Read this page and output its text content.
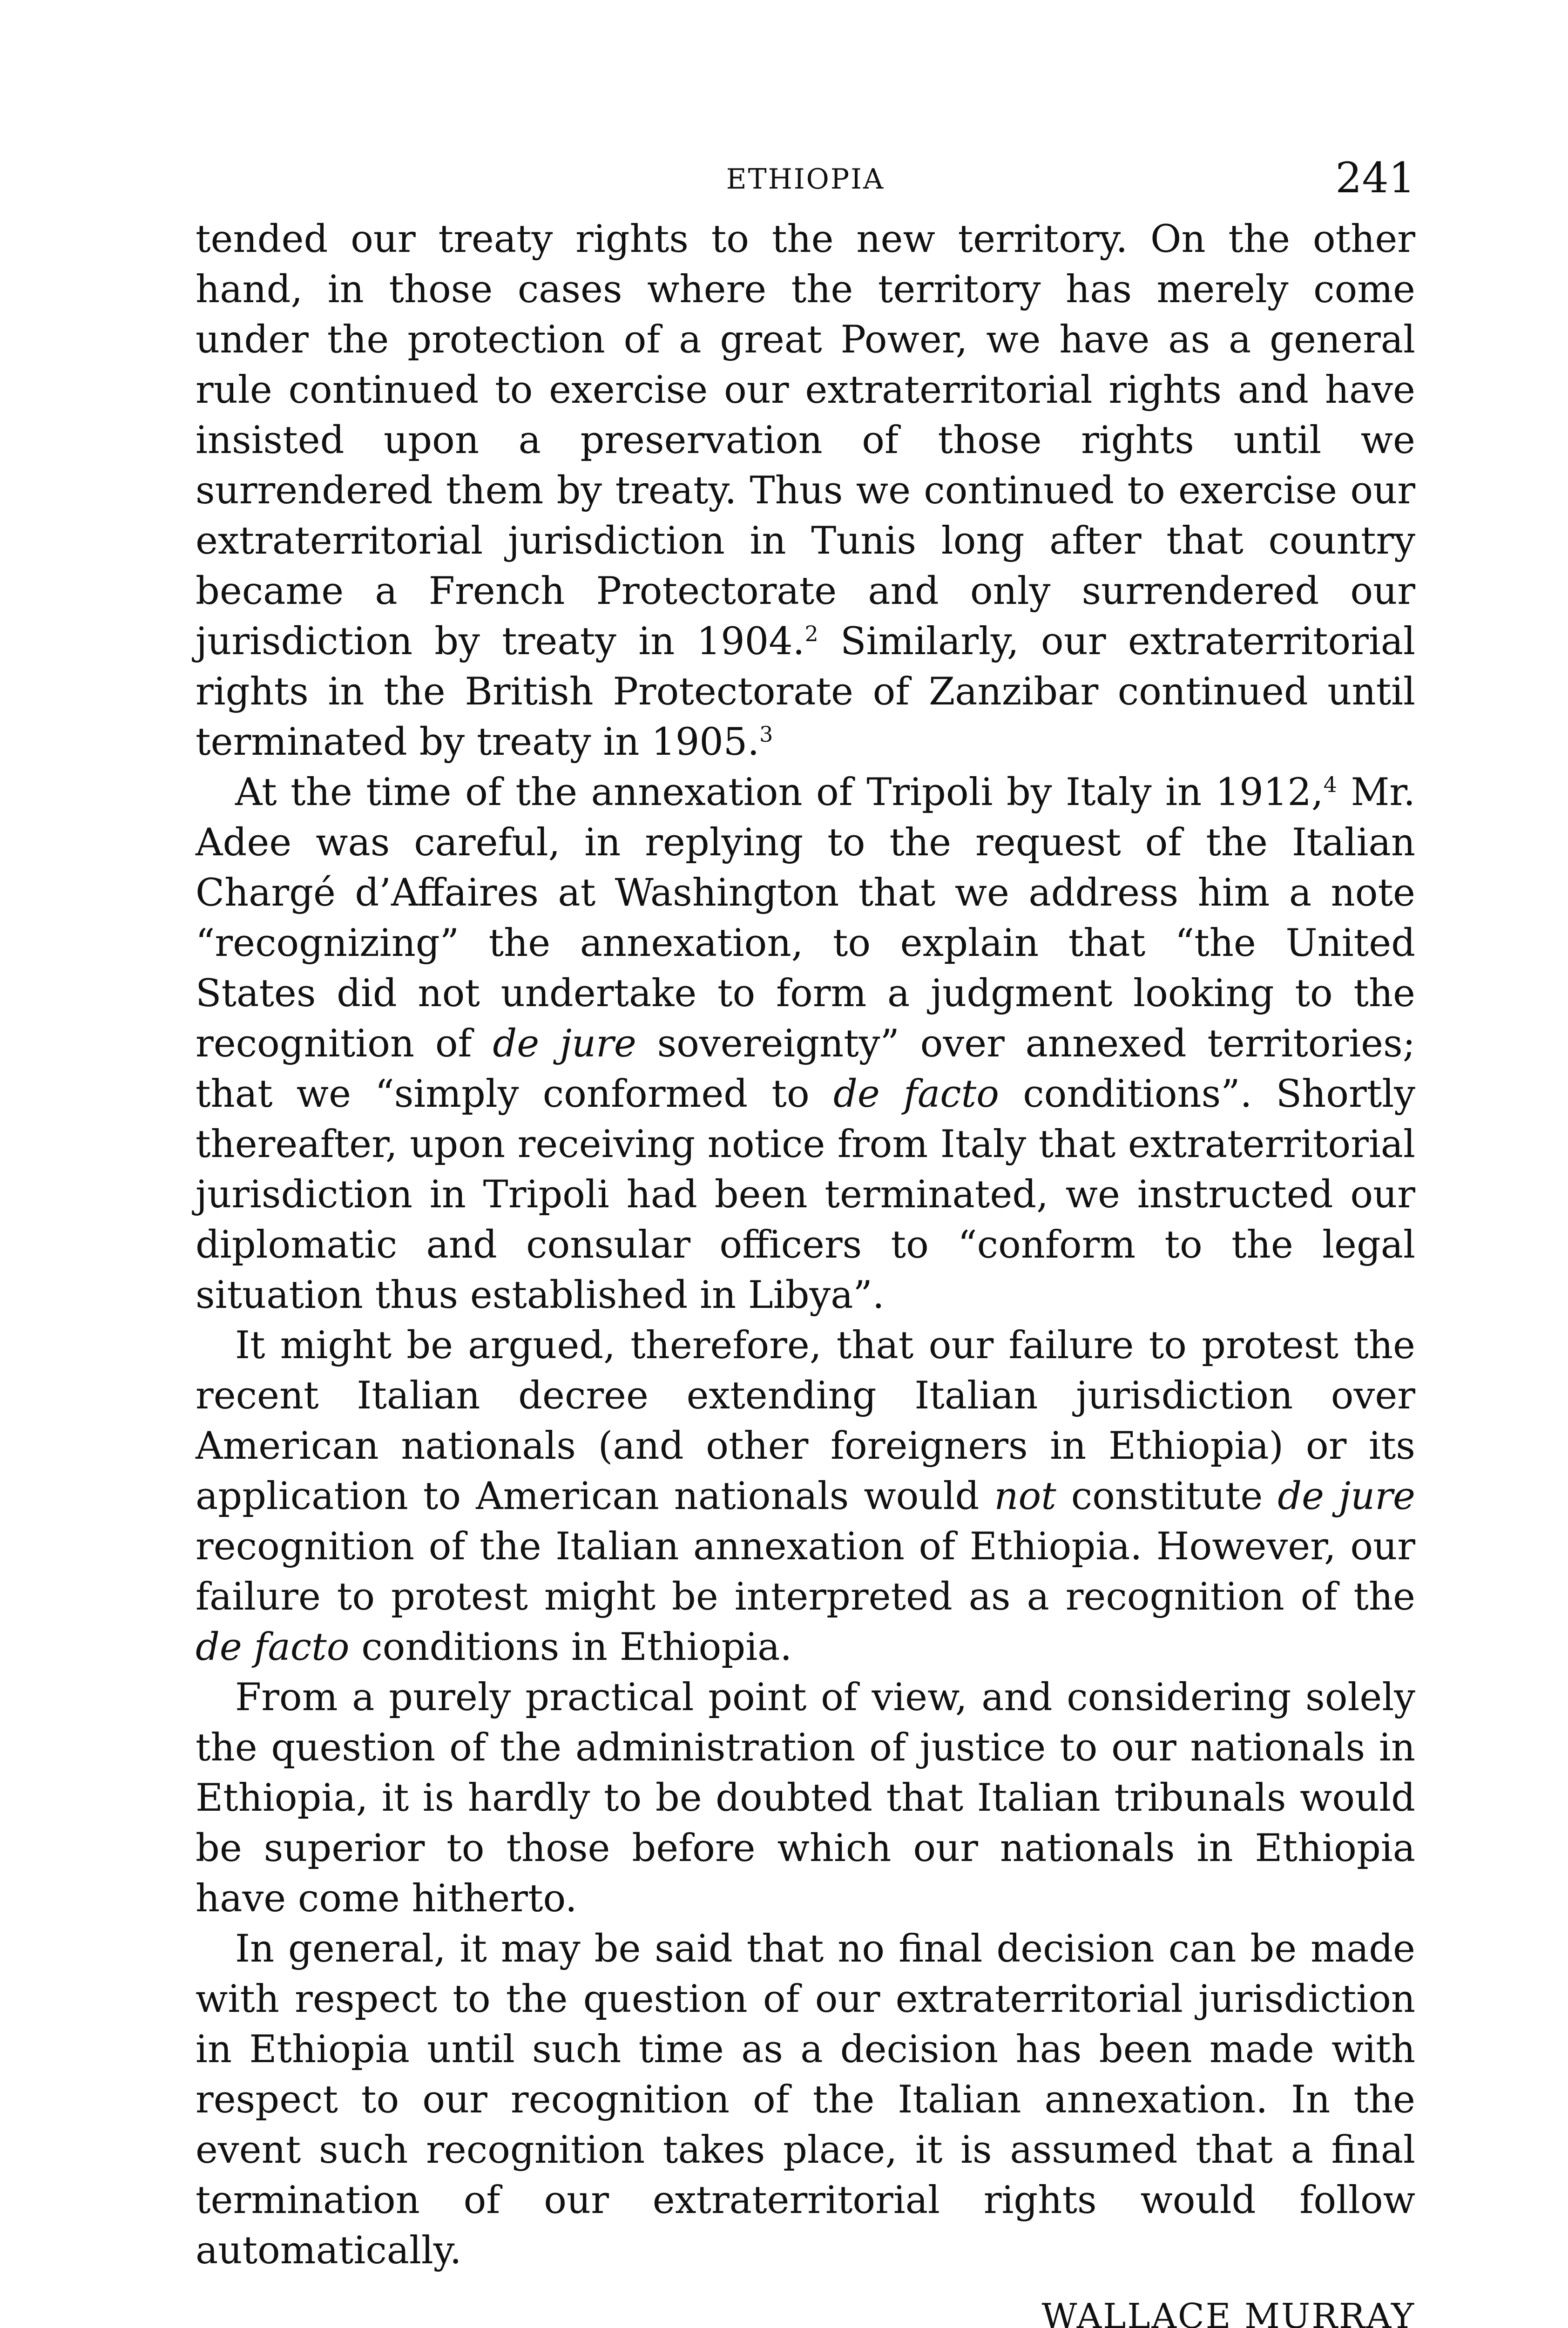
ETHIOPIA	241

tended our treaty rights to the new territory. On the other hand, in those cases where the territory has merely come under the protection of a great Power, we have as a general rule continued to exercise our extraterritorial rights and have insisted upon a preservation of those rights until we surrendered them by treaty. Thus we continued to exercise our extraterritorial jurisdiction in Tunis long after that country became a French Protectorate and only surrendered our jurisdiction by treaty in 1904.$^2$ Similarly, our extraterritorial rights in the British Protectorate of Zanzibar continued until terminated by treaty in 1905.$^3$

At the time of the annexation of Tripoli by Italy in 1912,$^4$ Mr. Adee was careful, in replying to the request of the Italian Chargé d’Affaires at Washington that we address him a note “recognizing” the annexation, to explain that “the United States did not undertake to form a judgment looking to the recognition of de jure sovereignty” over annexed territories; that we “simply conformed to de facto conditions”. Shortly thereafter, upon receiving notice from Italy that extraterritorial jurisdiction in Tripoli had been terminated, we instructed our diplomatic and consular officers to “conform to the legal situation thus established in Libya”.

It might be argued, therefore, that our failure to protest the recent Italian decree extending Italian jurisdiction over American nationals (and other foreigners in Ethiopia) or its application to American nationals would not constitute de jure recognition of the Italian annexation of Ethiopia. However, our failure to protest might be interpreted as a recognition of the de facto conditions in Ethiopia.

From a purely practical point of view, and considering solely the question of the administration of justice to our nationals in Ethiopia, it is hardly to be doubted that Italian tribunals would be superior to those before which our nationals in Ethiopia have come hitherto.

In general, it may be said that no final decision can be made with respect to the question of our extraterritorial jurisdiction in Ethiopia until such time as a decision has been made with respect to our recognition of the Italian annexation. In the event such recognition takes place, it is assumed that a final termination of our extraterritorial rights would follow automatically.

WALLACE MURRAY
